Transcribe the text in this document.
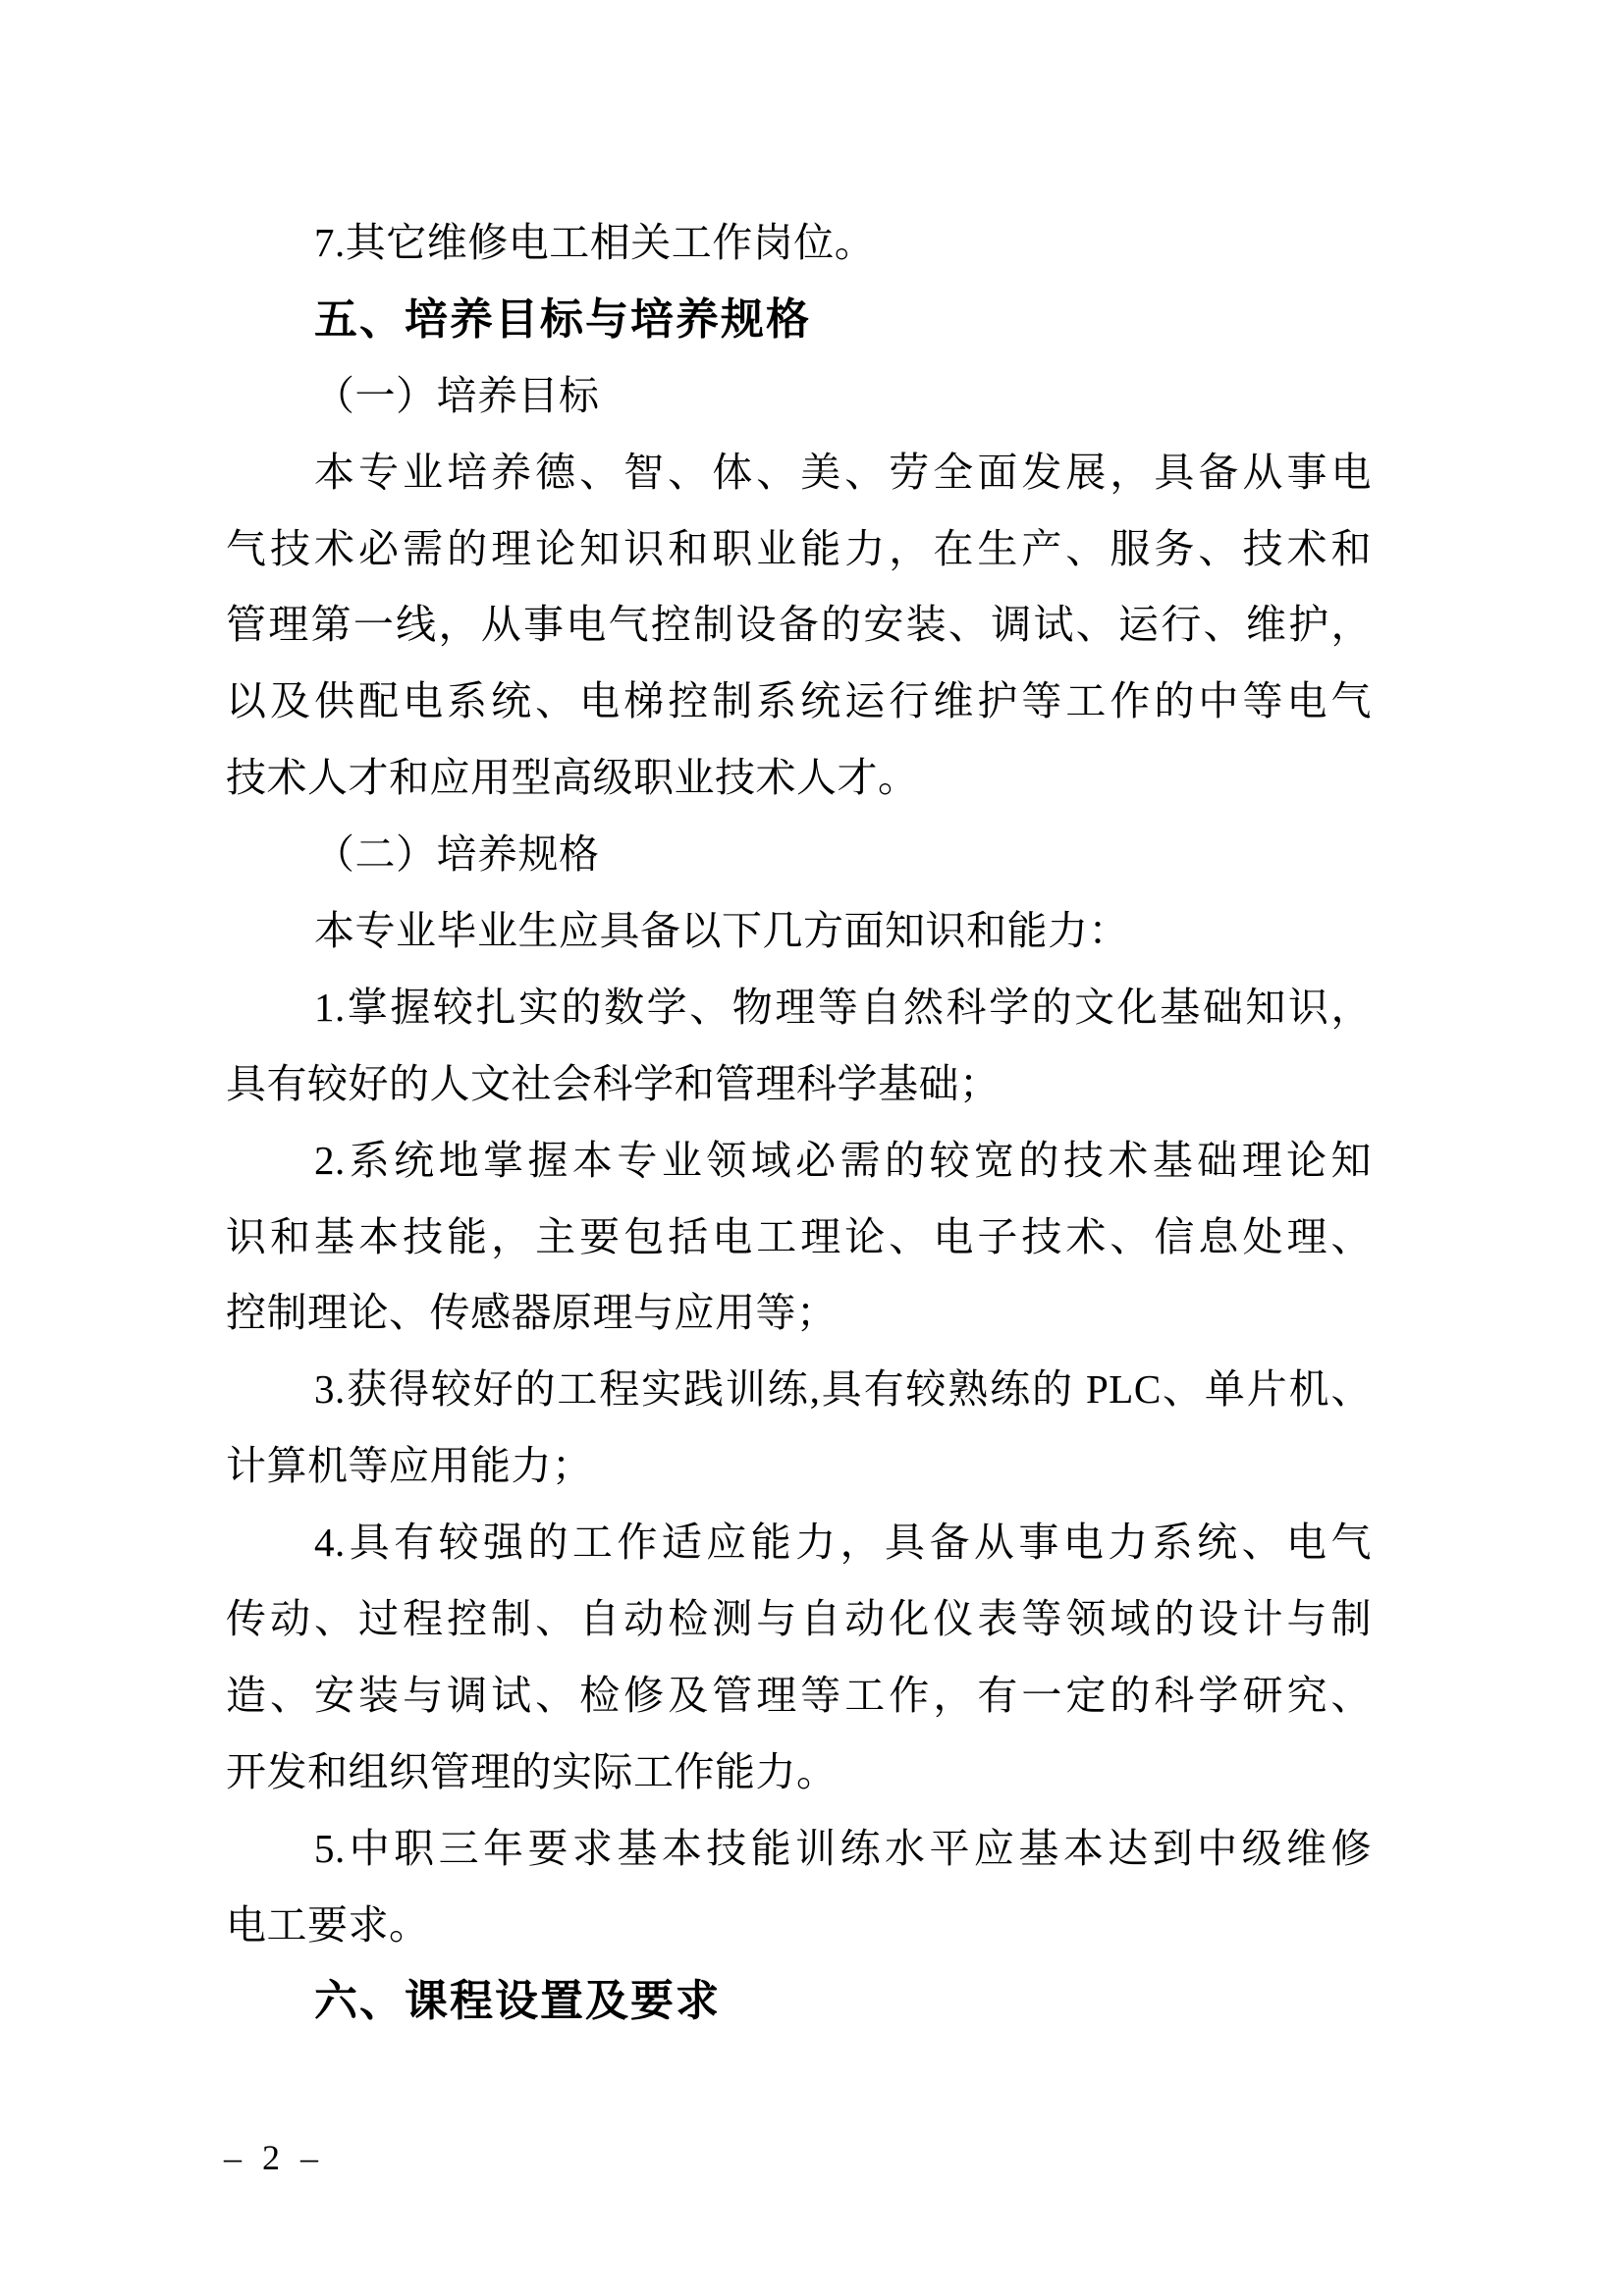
7.其它维修电工相关工作岗位。
五、培养目标与培养规格
（一）培养目标
本专业培养德、智、体、美、劳全面发展，具备从事电
气技术必需的理论知识和职业能力，在生产、服务、技术和
管理第一线，从事电气控制设备的安装、调试、运行、维护，
以及供配电系统、电梯控制系统运行维护等工作的中等电气
技术人才和应用型高级职业技术人才。
（二）培养规格
本专业毕业生应具备以下几方面知识和能力：
1.掌握较扎实的数学、物理等自然科学的文化基础知识，
具有较好的人文社会科学和管理科学基础；
2.系统地掌握本专业领域必需的较宽的技术基础理论知
识和基本技能，主要包括电工理论、电子技术、信息处理、
控制理论、传感器原理与应用等；
3.获得较好的工程实践训练,具有较熟练的 PLC、单片机、
计算机等应用能力；
4.具有较强的工作适应能力，具备从事电力系统、电气
传动、过程控制、自动检测与自动化仪表等领域的设计与制
造、安装与调试、检修及管理等工作，有一定的科学研究、
开发和组织管理的实际工作能力。
5.中职三年要求基本技能训练水平应基本达到中级维修
电工要求。
六、课程设置及要求
– 2 –
